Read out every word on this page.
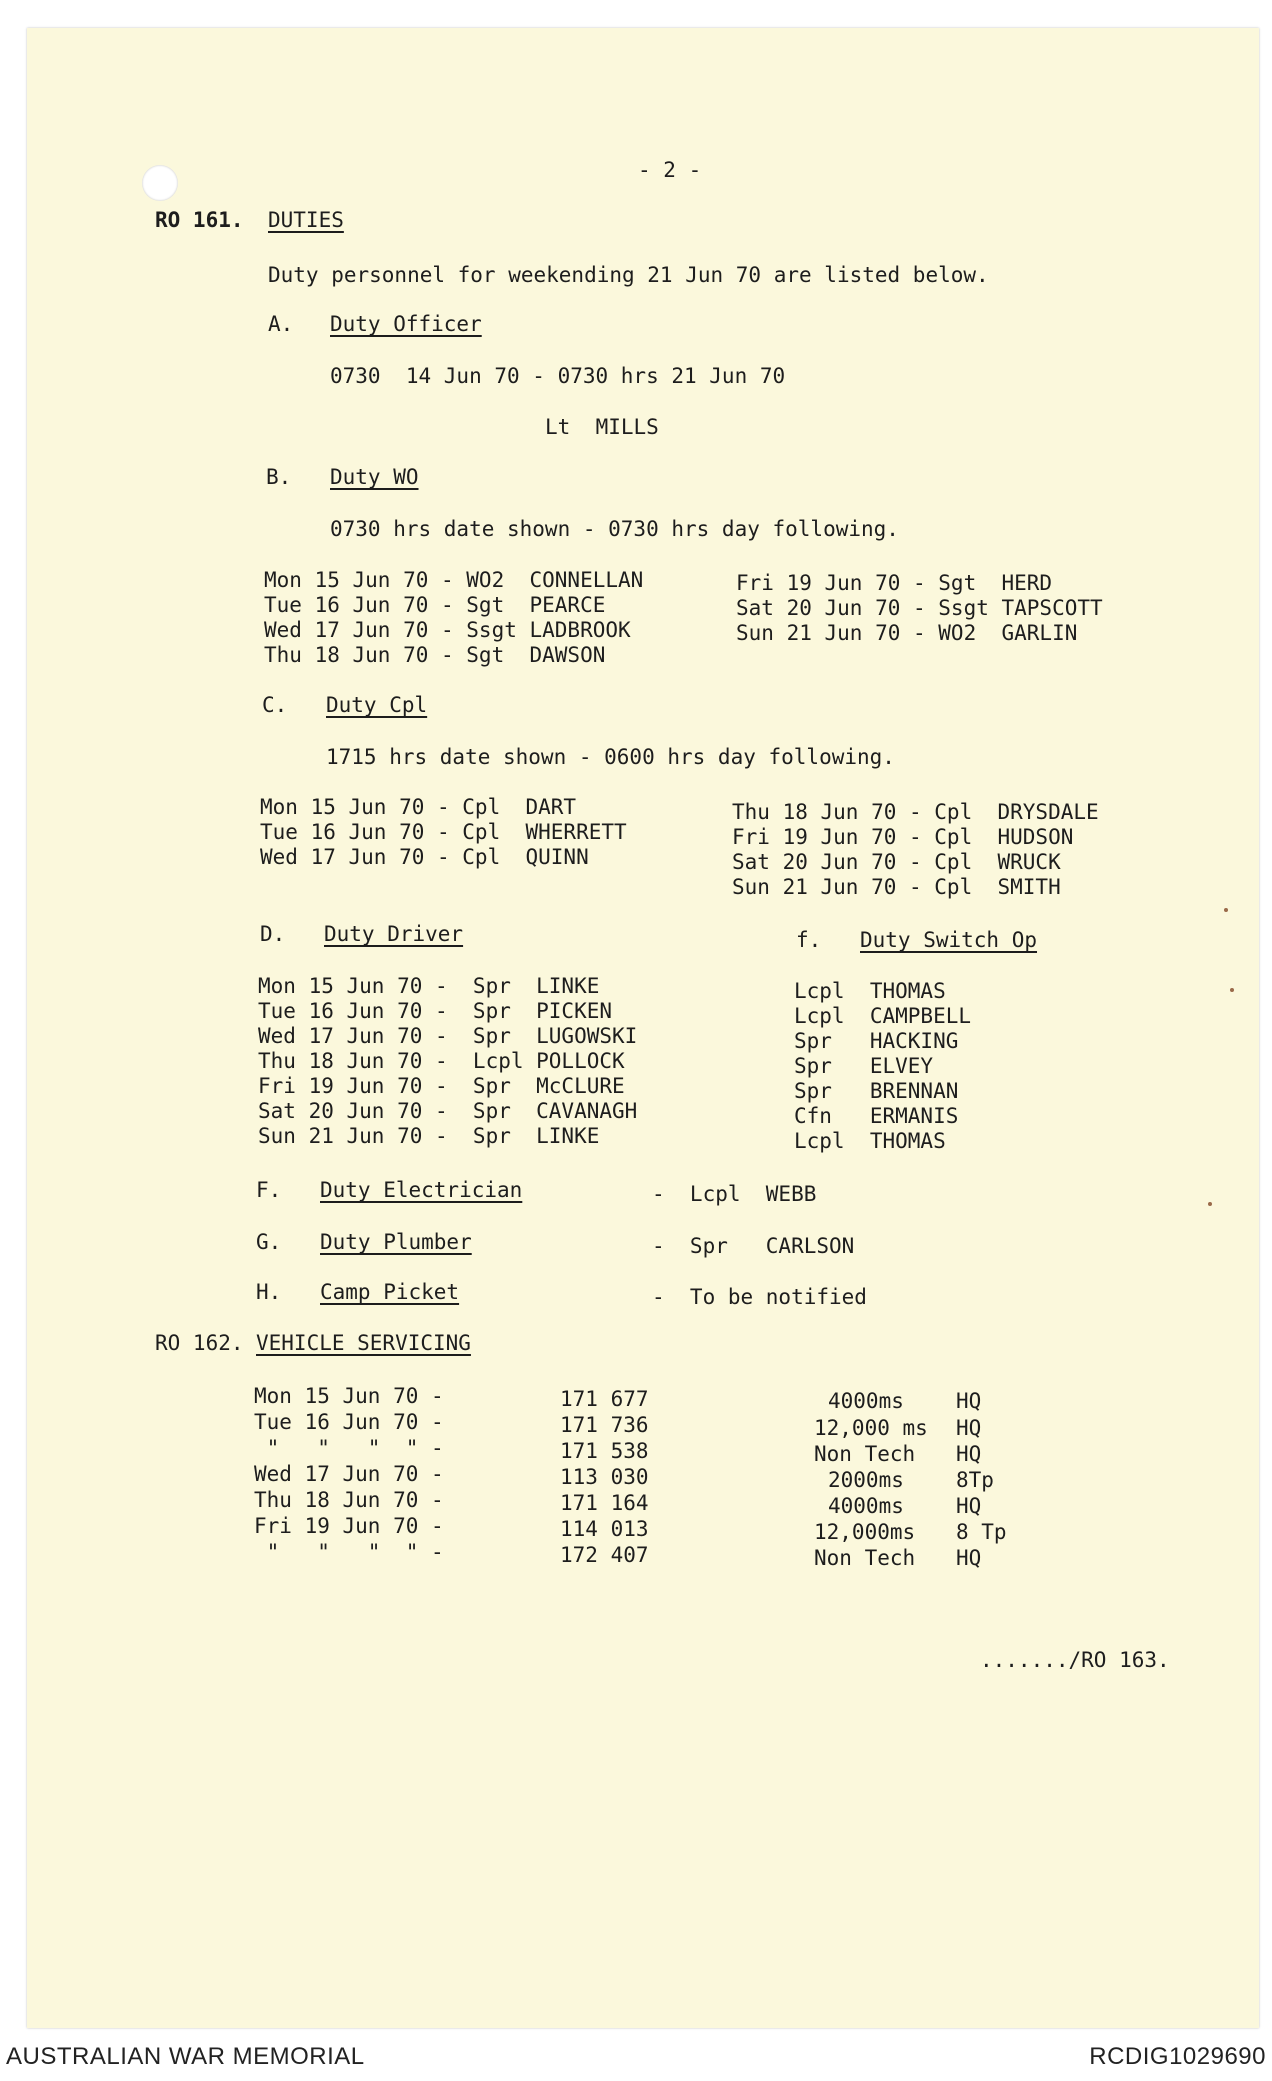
- 2 -
RO 161. DUTIES
Duty personnel for weekending 21 Jun 70 are listed below.
A. Duty Officer
0730  14 Jun 70 - 0730 hrs 21 Jun 70
Lt  MILLS
B. Duty WO
0730 hrs date shown - 0730 hrs day following.
Mon 15 Jun 70 - WO2  CONNELLAN
Tue 16 Jun 70 - Sgt  PEARCE
Wed 17 Jun 70 - Ssgt LADBROOK
Thu 18 Jun 70 - Sgt  DAWSON
Fri 19 Jun 70 - Sgt  HERD
Sat 20 Jun 70 - Ssgt TAPSCOTT
Sun 21 Jun 70 - WO2  GARLIN
C. Duty Cpl
1715 hrs date shown - 0600 hrs day following.
Mon 15 Jun 70 - Cpl  DART
Tue 16 Jun 70 - Cpl  WHERRETT
Wed 17 Jun 70 - Cpl  QUINN
Thu 18 Jun 70 - Cpl  DRYSDALE
Fri 19 Jun 70 - Cpl  HUDSON
Sat 20 Jun 70 - Cpl  WRUCK
Sun 21 Jun 70 - Cpl  SMITH
D. Duty Driver
Mon 15 Jun 70 -  Spr  LINKE
Tue 16 Jun 70 -  Spr  PICKEN
Wed 17 Jun 70 -  Spr  LUGOWSKI
Thu 18 Jun 70 -  Lcpl POLLOCK
Fri 19 Jun 70 -  Spr  McCLURE
Sat 20 Jun 70 -  Spr  CAVANAGH
Sun 21 Jun 70 -  Spr  LINKE
f. Duty Switch Op
Lcpl  THOMAS
Lcpl  CAMPBELL
Spr   HACKING
Spr   ELVEY
Spr   BRENNAN
Cfn   ERMANIS
Lcpl  THOMAS
F. Duty Electrician	-  Lcpl  WEBB
G. Duty Plumber	-  Spr   CARLSON
H. Camp Picket	-  To be notified
RO 162. VEHICLE SERVICING
Mon 15 Jun 70 -	171 677	4000ms HQ
Tue 16 Jun 70 -	171 736	12,000 ms HQ
"   "   "  " -	171 538	Non Tech HQ
Wed 17 Jun 70 -	113 030	2000ms 8Tp
Thu 18 Jun 70 -	171 164	4000ms HQ
Fri 19 Jun 70 -	114 013	12,000ms 8 Tp
"   "   "  " -	172 407	Non Tech HQ
......./RO 163.
AUSTRALIAN WAR MEMORIAL	RCDIG1029690
